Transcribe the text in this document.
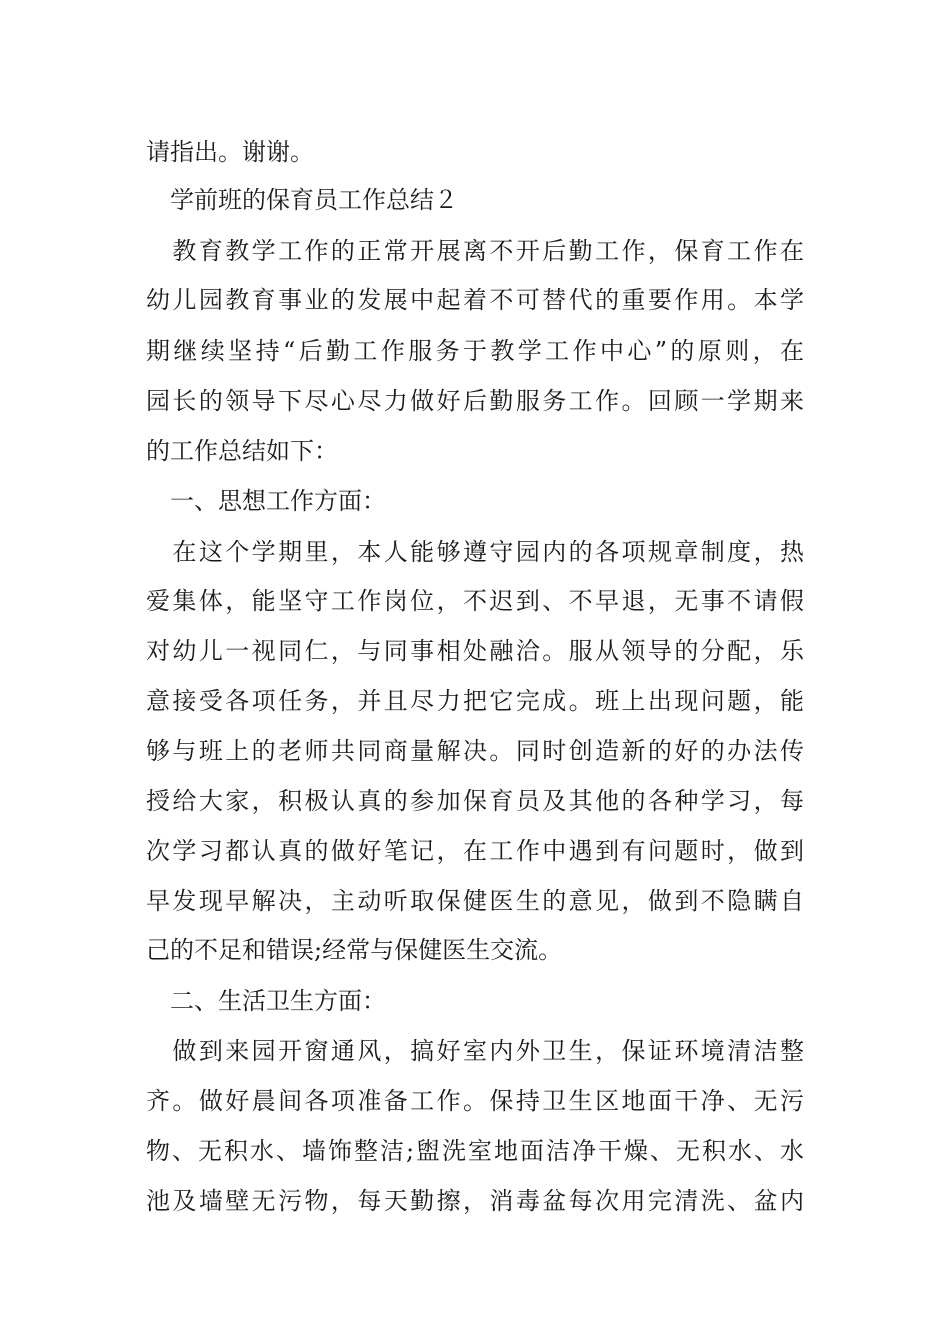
请指出。谢谢。
　学前班的保育员工作总结２
　教育教学工作的正常开展离不开后勤工作，保育工作在
幼儿园教育事业的发展中起着不可替代的重要作用。本学
期继续坚持“后勤工作服务于教学工作中心”的原则，在
园长的领导下尽心尽力做好后勤服务工作。回顾一学期来
的工作总结如下：
　一、思想工作方面：
　在这个学期里，本人能够遵守园内的各项规章制度，热
爱集体，能坚守工作岗位，不迟到、不早退，无事不请假
对幼儿一视同仁，与同事相处融洽。服从领导的分配，乐
意接受各项任务，并且尽力把它完成。班上出现问题，能
够与班上的老师共同商量解决。同时创造新的好的办法传
授给大家，积极认真的参加保育员及其他的各种学习，每
次学习都认真的做好笔记，在工作中遇到有问题时，做到
早发现早解决，主动听取保健医生的意见，做到不隐瞒自
己的不足和错误;经常与保健医生交流。
　二、生活卫生方面：
　做到来园开窗通风，搞好室内外卫生，保证环境清洁整
齐。做好晨间各项准备工作。保持卫生区地面干净、无污
物、无积水、墙饰整洁;盥洗室地面洁净干燥、无积水、水
池及墙壁无污物，每天勤擦，消毒盆每次用完清洗、盆内
